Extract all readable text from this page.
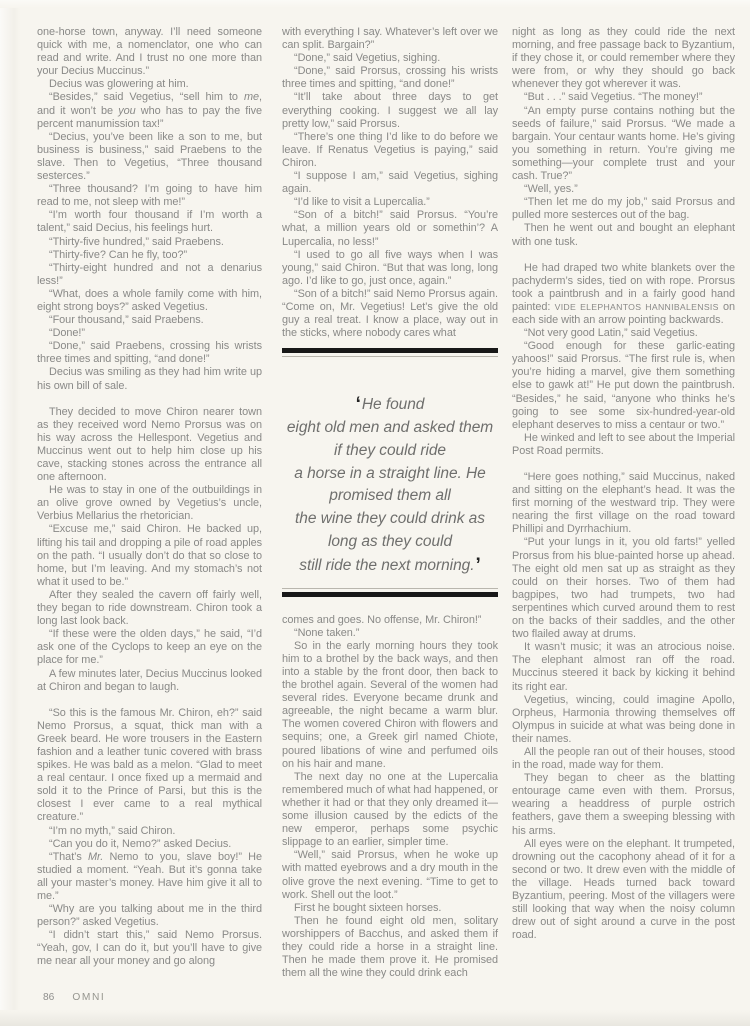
one-horse town, anyway. I’ll need someone quick with me, a nomenclator, one who can read and write. And I trust no one more than your Decius Muccinus.”

Decius was glowering at him.

“Besides,” said Vegetius, “sell him to me, and it won’t be you who has to pay the five percent manumission tax!”

“Decius, you’ve been like a son to me, but business is business,” said Praebens to the slave. Then to Vegetius, “Three thousand sesterces.”

“Three thousand? I’m going to have him read to me, not sleep with me!”

“I’m worth four thousand if I’m worth a talent,” said Decius, his feelings hurt.

“Thirty-five hundred,” said Praebens.

“Thirty-five? Can he fly, too?”

“Thirty-eight hundred and not a denarius less!”

“What, does a whole family come with him, eight strong boys?” asked Vegetius.

“Four thousand,” said Praebens.

“Done!”

“Done,” said Praebens, crossing his wrists three times and spitting, “and done!”

Decius was smiling as they had him write up his own bill of sale.

They decided to move Chiron nearer town as they received word Nemo Prorsus was on his way across the Hellespont. Vegetius and Muccinus went out to help him close up his cave, stacking stones across the entrance all one afternoon.

He was to stay in one of the outbuildings in an olive grove owned by Vegetius’s uncle, Verbius Mellarius the rhetorician.

“Excuse me,” said Chiron. He backed up, lifting his tail and dropping a pile of road apples on the path. “I usually don’t do that so close to home, but I’m leaving. And my stomach’s not what it used to be.”

After they sealed the cavern off fairly well, they began to ride downstream. Chiron took a long last look back.

“If these were the olden days,” he said, “I’d ask one of the Cyclops to keep an eye on the place for me.”

A few minutes later, Decius Muccinus looked at Chiron and began to laugh.

“So this is the famous Mr. Chiron, eh?” said Nemo Prorsus, a squat, thick man with a Greek beard. He wore trousers in the Eastern fashion and a leather tunic covered with brass spikes. He was bald as a melon. “Glad to meet a real centaur. I once fixed up a mermaid and sold it to the Prince of Parsi, but this is the closest I ever came to a real mythical creature.”

“I’m no myth,” said Chiron.

“Can you do it, Nemo?” asked Decius.

“That’s Mr. Nemo to you, slave boy!” He studied a moment. “Yeah. But it’s gonna take all your master’s money. Have him give it all to me.”

“Why are you talking about me in the third person?” asked Vegetius.

“I didn’t start this,” said Nemo Prorsus. “Yeah, gov, I can do it, but you’ll have to give me near all your money and go along

with everything I say. Whatever’s left over we can split. Bargain?”

“Done,” said Vegetius, sighing.

“Done,” said Prorsus, crossing his wrists three times and spitting, “and done!”

“It’ll take about three days to get everything cooking. I suggest we all lay pretty low,” said Prorsus.

“There’s one thing I’d like to do before we leave. If Renatus Vegetius is paying,” said Chiron.

“I suppose I am,” said Vegetius, sighing again.

“I’d like to visit a Lupercalia.”

“Son of a bitch!” said Prorsus. “You’re what, a million years old or somethin’? A Lupercalia, no less!”

“I used to go all five ways when I was young,” said Chiron. “But that was long, long ago. I’d like to go, just once, again.”

“Son of a bitch!” said Nemo Prorsus again. “Come on, Mr. Vegetius! Let’s give the old guy a real treat. I know a place, way out in the sticks, where nobody cares what

‘He found
eight old men and asked them
if they could ride
a horse in a straight line. He
promised them all
the wine they could drink as
long as they could
still ride the next morning.’

comes and goes. No offense, Mr. Chiron!”

“None taken.”

So in the early morning hours they took him to a brothel by the back ways, and then into a stable by the front door, then back to the brothel again. Several of the women had several rides. Everyone became drunk and agreeable, the night became a warm blur. The women covered Chiron with flowers and sequins; one, a Greek girl named Chiote, poured libations of wine and perfumed oils on his hair and mane.

The next day no one at the Lupercalia remembered much of what had happened, or whether it had or that they only dreamed it—some illusion caused by the edicts of the new emperor, perhaps some psychic slippage to an earlier, simpler time.

“Well,” said Prorsus, when he woke up with matted eyebrows and a dry mouth in the olive grove the next evening. “Time to get to work. Shell out the loot.”

First he bought sixteen horses.

Then he found eight old men, solitary worshippers of Bacchus, and asked them if they could ride a horse in a straight line. Then he made them prove it. He promised them all the wine they could drink each

night as long as they could ride the next morning, and free passage back to Byzantium, if they chose it, or could remember where they were from, or why they should go back whenever they got wherever it was.

“But . . .” said Vegetius. “The money!”

“An empty purse contains nothing but the seeds of failure,” said Prorsus. “We made a bargain. Your centaur wants home. He’s giving you something in return. You’re giving me something—your complete trust and your cash. True?”

“Well, yes.”

“Then let me do my job,” said Prorsus and pulled more sesterces out of the bag.

Then he went out and bought an elephant with one tusk.

He had draped two white blankets over the pachyderm’s sides, tied on with rope. Prorsus took a paintbrush and in a fairly good hand painted: VIDE ELEPHANTOS HANNIBALENSIS on each side with an arrow pointing backwards.

“Not very good Latin,” said Vegetius.

“Good enough for these garlic-eating yahoos!” said Prorsus. “The first rule is, when you’re hiding a marvel, give them something else to gawk at!” He put down the paintbrush. “Besides,” he said, “anyone who thinks he’s going to see some six-hundred-year-old elephant deserves to miss a centaur or two.”

He winked and left to see about the Imperial Post Road permits.

“Here goes nothing,” said Muccinus, naked and sitting on the elephant’s head. It was the first morning of the westward trip. They were nearing the first village on the road toward Phillipi and Dyrrhachium.

“Put your lungs in it, you old farts!” yelled Prorsus from his blue-painted horse up ahead. The eight old men sat up as straight as they could on their horses. Two of them had bagpipes, two had trumpets, two had serpentines which curved around them to rest on the backs of their saddles, and the other two flailed away at drums.

It wasn’t music; it was an atrocious noise. The elephant almost ran off the road. Muccinus steered it back by kicking it behind its right ear.

Vegetius, wincing, could imagine Apollo, Orpheus, Harmonia throwing themselves off Olympus in suicide at what was being done in their names.

All the people ran out of their houses, stood in the road, made way for them.

They began to cheer as the blatting entourage came even with them. Prorsus, wearing a headdress of purple ostrich feathers, gave them a sweeping blessing with his arms.

All eyes were on the elephant. It trumpeted, drowning out the cacophony ahead of it for a second or two. It drew even with the middle of the village. Heads turned back toward Byzantium, peering. Most of the villagers were still looking that way when the noisy column drew out of sight around a curve in the post road.

86 OMNI
